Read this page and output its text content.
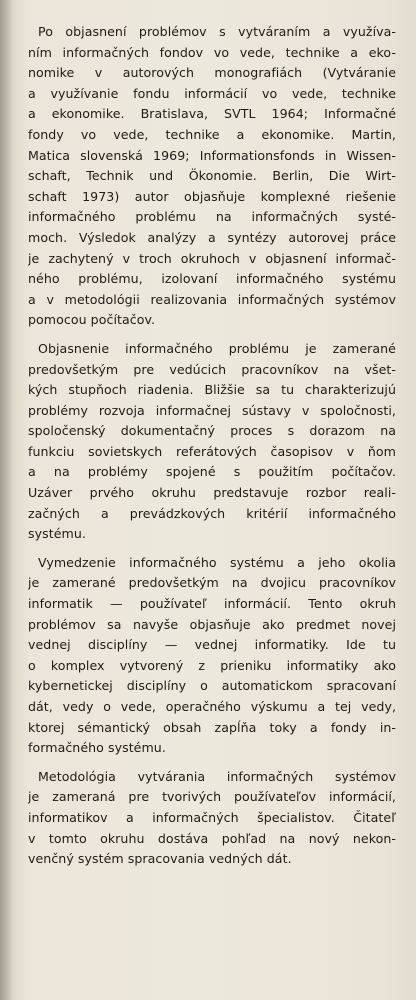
Po objasnení problémov s vytváraním a využíva-
ním informačných fondov vo vede, technike a eko-
nomike v autorových monografiách (Vytváranie
a využívanie fondu informácií vo vede, technike
a ekonomike. Bratislava, SVTL 1964; Informačné
fondy vo vede, technike a ekonomike. Martin,
Matica slovenská 1969; Informationsfonds in Wissen-
schaft, Technik und Ökonomie. Berlin, Die Wirt-
schaft 1973) autor objasňuje komplexné riešenie
informačného problému na informačných systé-
moch. Výsledok analýzy a syntézy autorovej práce
je zachytený v troch okruhoch v objasnení informač-
ného problému, izolovaní informačného systému
a v metodológii realizovania informačných systémov
pomocou počítačov.

Objasnenie informačného problému je zamerané
predovšetkým pre vedúcich pracovníkov na všet-
kých stupňoch riadenia. Bližšie sa tu charakterizujú
problémy rozvoja informačnej sústavy v spoločnosti,
spoločenský dokumentačný proces s dorazom na
funkciu sovietskych referátových časopisov v ňom
a na problémy spojené s použitím počítačov.
Uzáver prvého okruhu predstavuje rozbor reali-
začných a prevádzkových kritérií informačného
systému.

Vymedzenie informačného systému a jeho okolia
je zamerané predovšetkým na dvojicu pracovníkov
informatik — používateľ informácií. Tento okruh
problémov sa navyše objasňuje ako predmet novej
vednej disciplíny — vednej informatiky. Ide tu
o komplex vytvorený z prieniku informatiky ako
kybernetickej disciplíny o automatickom spracovaní
dát, vedy o vede, operačného výskumu a tej vedy,
ktorej sémantický obsah zapĺňa toky a fondy in-
formačného systému.

Metodológia vytvárania informačných systémov
je zameraná pre tvorivých používateľov informácií,
informatikov a informačných špecialistov. Čitateľ
v tomto okruhu dostáva pohľad na nový nekon-
venčný systém spracovania vedných dát.
